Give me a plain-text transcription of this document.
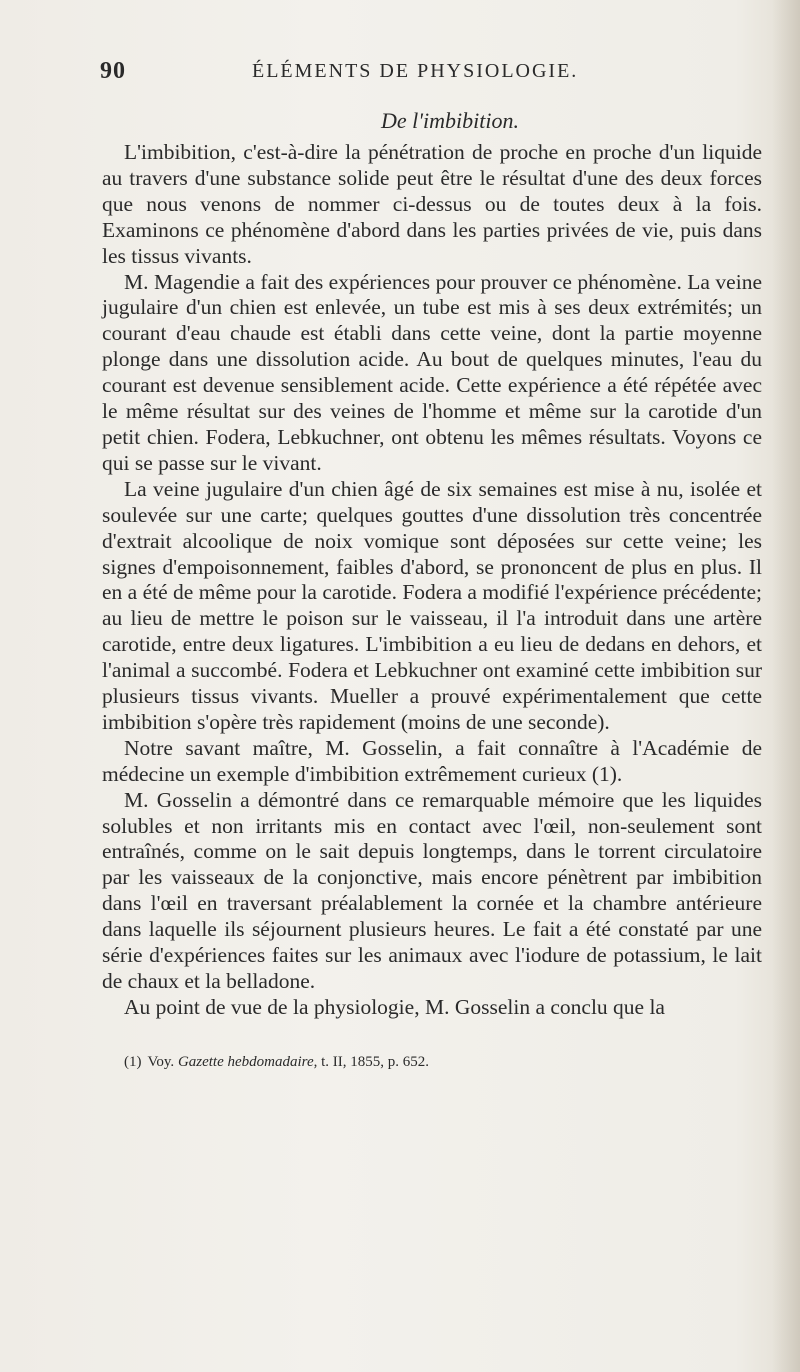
90	ÉLÉMENTS DE PHYSIOLOGIE.
De l'imbibition.

L'imbibition, c'est-à-dire la pénétration de proche en proche d'un liquide au travers d'une substance solide peut être le résultat d'une des deux forces que nous venons de nommer ci-dessus ou de toutes deux à la fois. Examinons ce phénomène d'abord dans les parties privées de vie, puis dans les tissus vivants.

M. Magendie a fait des expériences pour prouver ce phénomène. La veine jugulaire d'un chien est enlevée, un tube est mis à ses deux extrémités; un courant d'eau chaude est établi dans cette veine, dont la partie moyenne plonge dans une dissolution acide. Au bout de quelques minutes, l'eau du courant est devenue sensiblement acide. Cette expérience a été répétée avec le même résultat sur des veines de l'homme et même sur la carotide d'un petit chien. Fodera, Lebkuchner, ont obtenu les mêmes résultats. Voyons ce qui se passe sur le vivant.

La veine jugulaire d'un chien âgé de six semaines est mise à nu, isolée et soulevée sur une carte; quelques gouttes d'une dissolution très concentrée d'extrait alcoolique de noix vomique sont déposées sur cette veine; les signes d'empoisonnement, faibles d'abord, se prononcent de plus en plus. Il en a été de même pour la carotide. Fodera a modifié l'expérience précédente; au lieu de mettre le poison sur le vaisseau, il l'a introduit dans une artère carotide, entre deux ligatures. L'imbibition a eu lieu de dedans en dehors, et l'animal a succombé. Fodera et Lebkuchner ont examiné cette imbibition sur plusieurs tissus vivants. Mueller a prouvé expérimentalement que cette imbibition s'opère très rapidement (moins de une seconde).

Notre savant maître, M. Gosselin, a fait connaître à l'Académie de médecine un exemple d'imbibition extrêmement curieux (1).

M. Gosselin a démontré dans ce remarquable mémoire que les liquides solubles et non irritants mis en contact avec l'œil, non-seulement sont entraînés, comme on le sait depuis longtemps, dans le torrent circulatoire par les vaisseaux de la conjonctive, mais encore pénètrent par imbibition dans l'œil en traversant préalablement la cornée et la chambre antérieure dans laquelle ils séjournent plusieurs heures. Le fait a été constaté par une série d'expériences faites sur les animaux avec l'iodure de potassium, le lait de chaux et la belladone.

Au point de vue de la physiologie, M. Gosselin a conclu que la

(1) Voy. Gazette hebdomadaire, t. II, 1855, p. 652.
